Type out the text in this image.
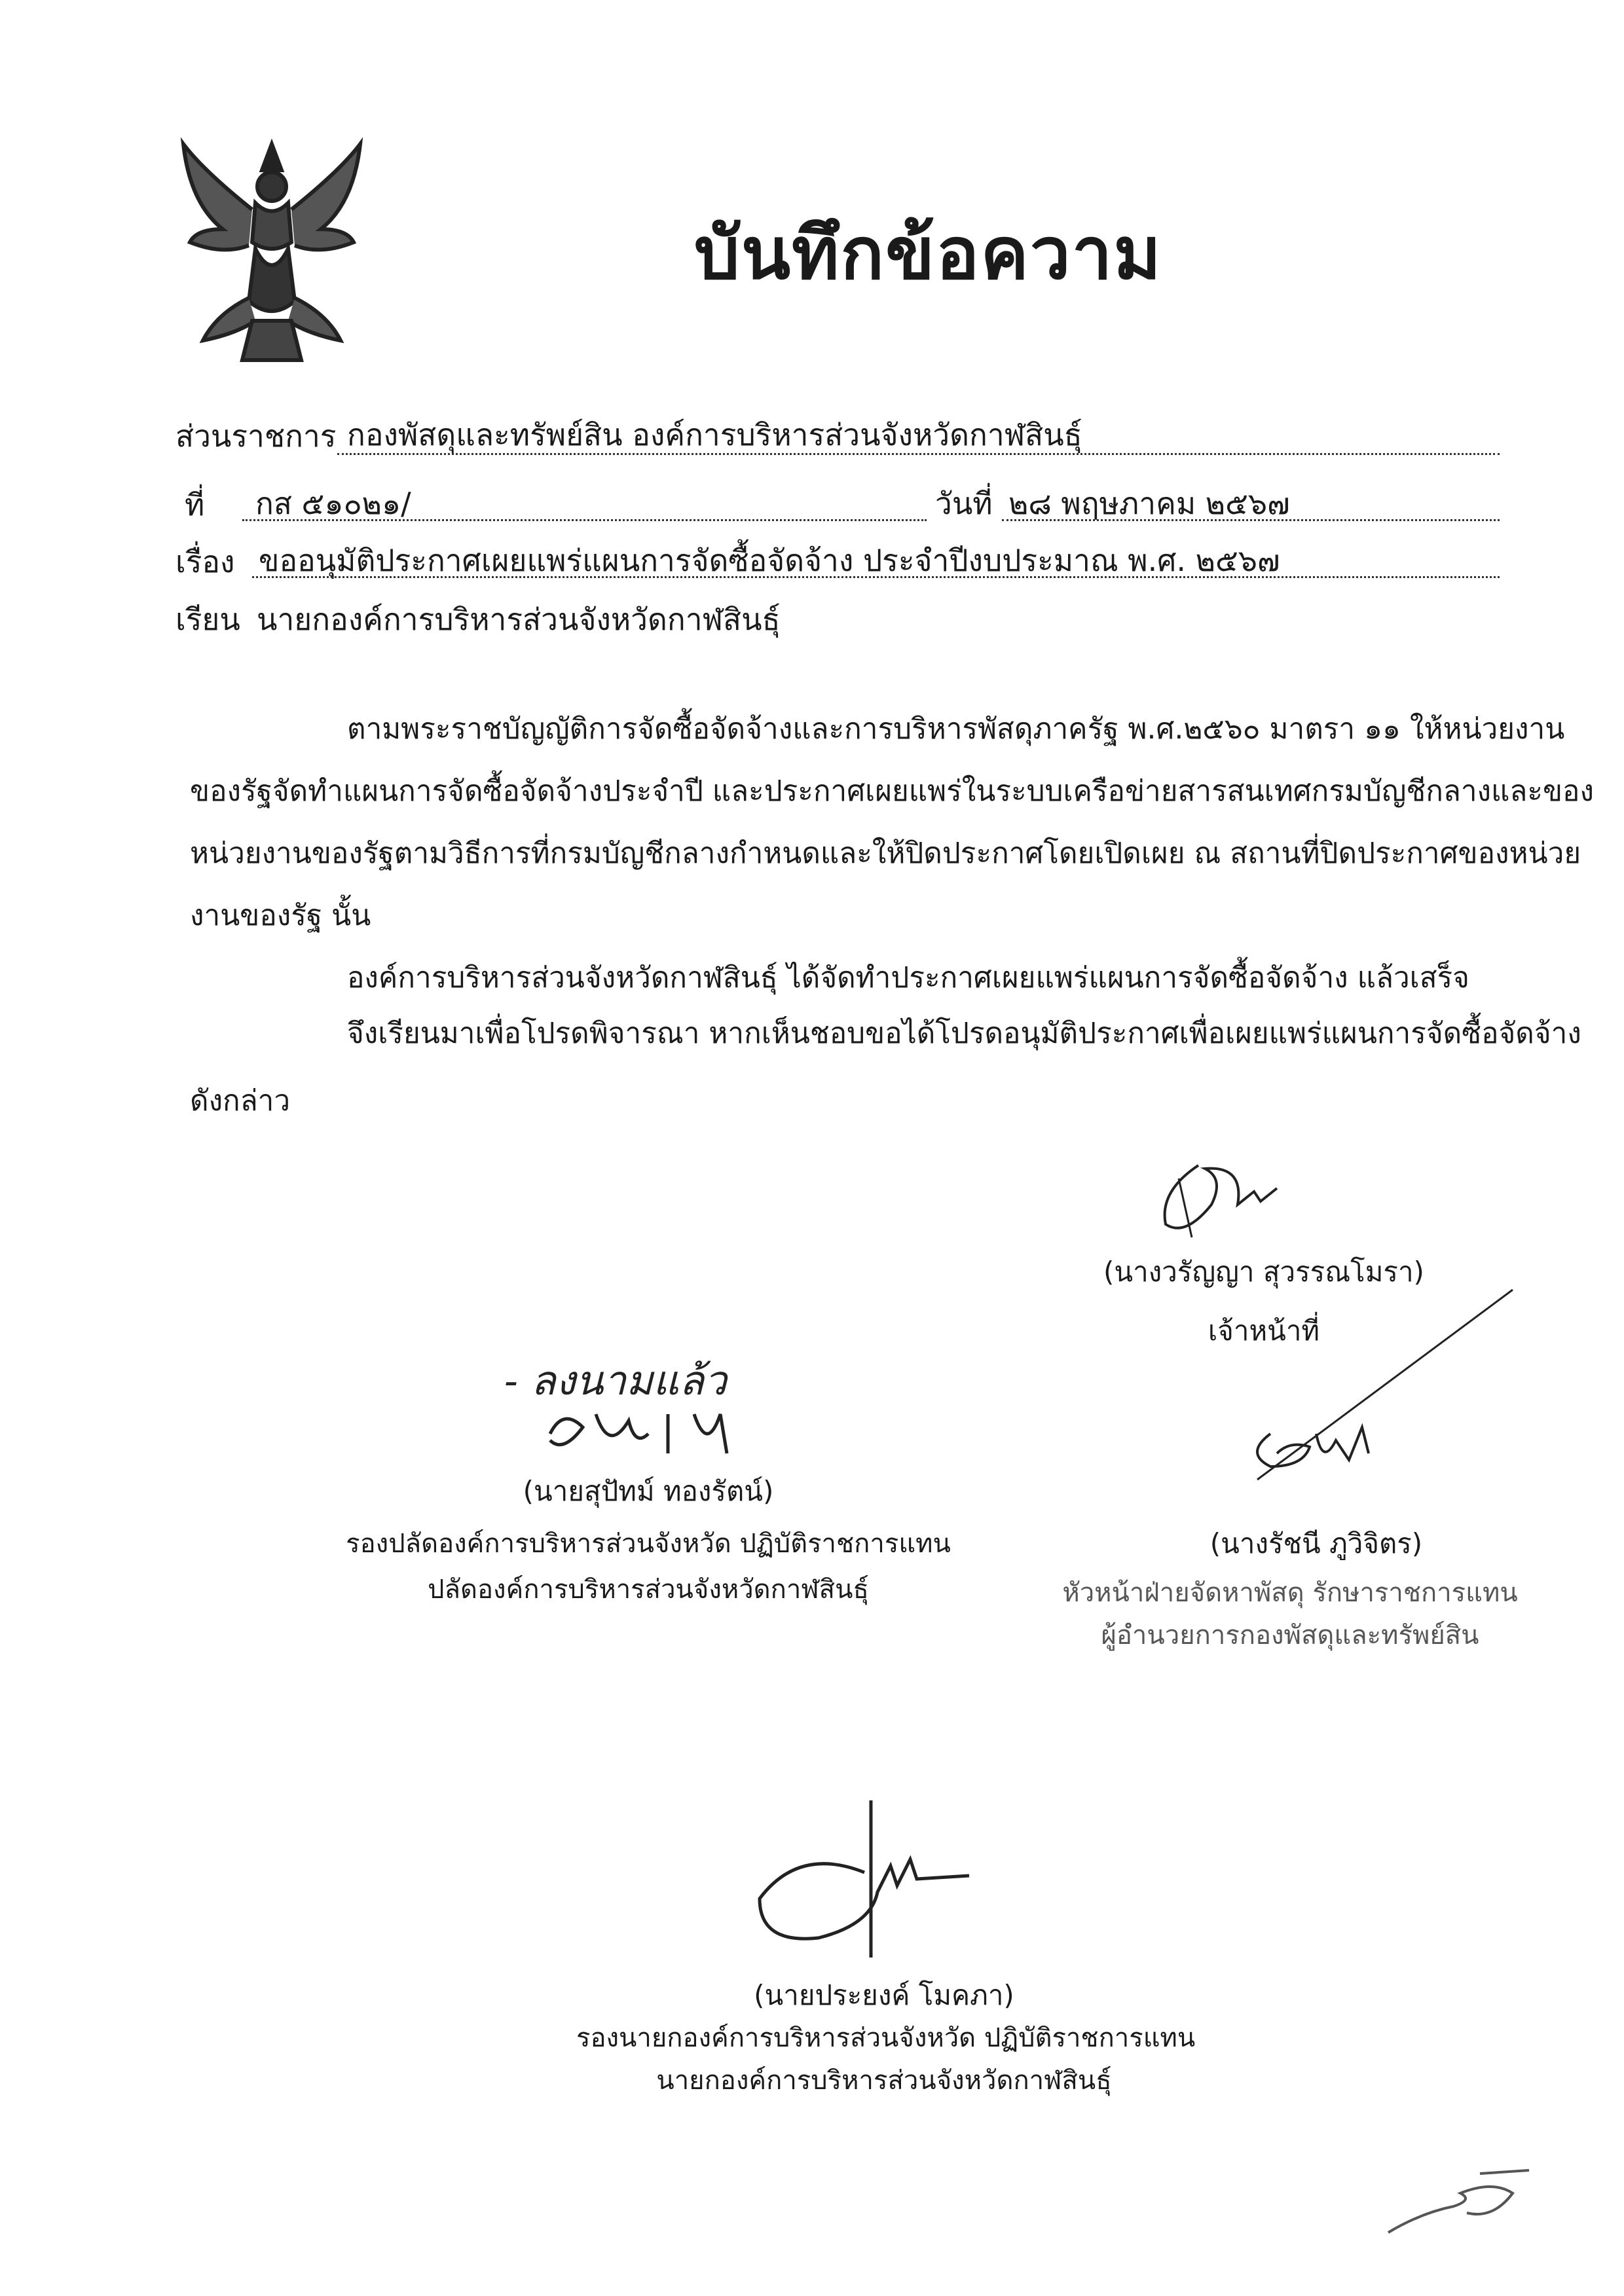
บันทึกข้อความ
ส่วนราชการ กองพัสดุและทรัพย์สิน องค์การบริหารส่วนจังหวัดกาฬสินธุ์
ที่ กส ๕๑๐๒๑/	วันที่ ๒๘ พฤษภาคม ๒๕๖๗
เรื่อง ขออนุมัติประกาศเผยแพร่แผนการจัดซื้อจัดจ้าง ประจำปีงบประมาณ พ.ศ. ๒๕๖๗
เรียน นายกองค์การบริหารส่วนจังหวัดกาฬสินธุ์
ตามพระราชบัญญัติการจัดซื้อจัดจ้างและการบริหารพัสดุภาครัฐ พ.ศ.๒๕๖๐ มาตรา ๑๑ ให้หน่วยงาน
ของรัฐจัดทำแผนการจัดซื้อจัดจ้างประจำปี และประกาศเผยแพร่ในระบบเครือข่ายสารสนเทศกรมบัญชีกลางและของ
หน่วยงานของรัฐตามวิธีการที่กรมบัญชีกลางกำหนดและให้ปิดประกาศโดยเปิดเผย ณ สถานที่ปิดประกาศของหน่วย
งานของรัฐ นั้น
องค์การบริหารส่วนจังหวัดกาฬสินธุ์ ได้จัดทำประกาศเผยแพร่แผนการจัดซื้อจัดจ้าง แล้วเสร็จ
จึงเรียนมาเพื่อโปรดพิจารณา หากเห็นชอบขอได้โปรดอนุมัติประกาศเพื่อเผยแพร่แผนการจัดซื้อจัดจ้าง
ดังกล่าว
(นางวรัญญา สุวรรณโมรา)
เจ้าหน้าที่
- ลงนามแล้ว
(นายสุปัทม์ ทองรัตน์)
รองปลัดองค์การบริหารส่วนจังหวัด ปฏิบัติราชการแทน
ปลัดองค์การบริหารส่วนจังหวัดกาฬสินธุ์
(นางรัชนี ภูวิจิตร)
หัวหน้าฝ่ายจัดหาพัสดุ รักษาราชการแทน
ผู้อำนวยการกองพัสดุและทรัพย์สิน
(นายประยงค์ โมคภา)
รองนายกองค์การบริหารส่วนจังหวัด ปฏิบัติราชการแทน
นายกองค์การบริหารส่วนจังหวัดกาฬสินธุ์
